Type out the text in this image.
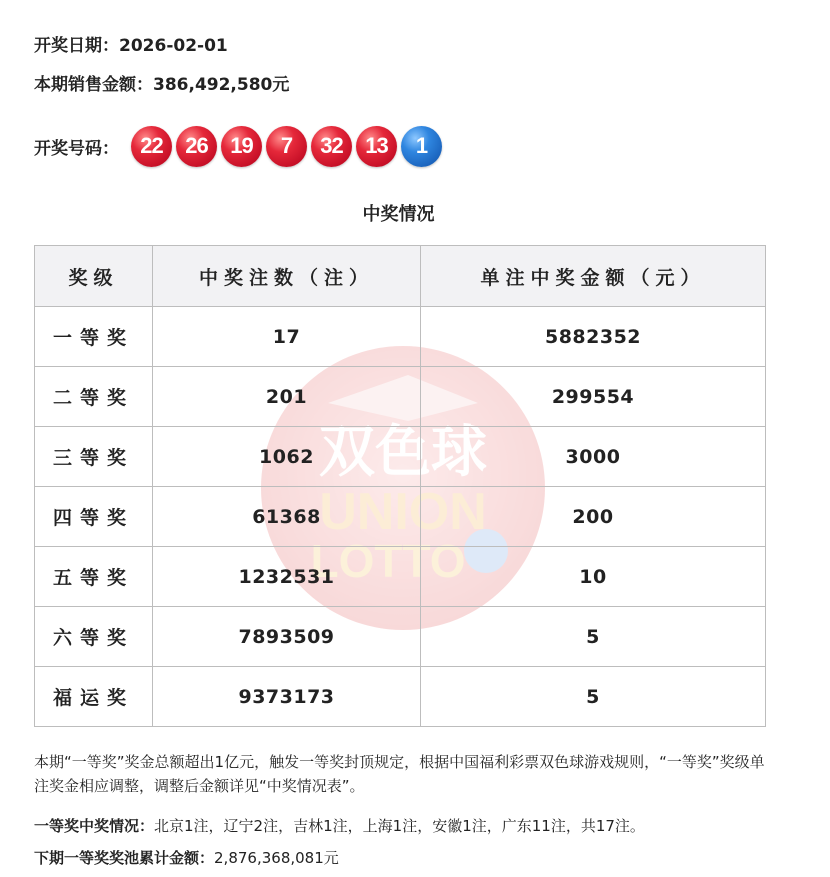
开奖日期：2026-02-01
本期销售金额：386,492,580元
开奖号码： 22	26	19	7	32	13	1
中奖情况
双色球
UNION
LOTTO
奖级	中奖注数（注）	单注中奖金额（元）
一等奖	17	5882352
二等奖	201	299554
三等奖	1062	3000
四等奖	61368	200
五等奖	1232531	10
六等奖	7893509	5
福运奖	9373173	5
本期“一等奖”奖金总额超出1亿元，触发一等奖封顶规定，根据中国福利彩票双色球游戏规则，“一等奖”奖级单注奖金相应调整，调整后金额详见“中奖情况表”。
一等奖中奖情况：北京1注，辽宁2注，吉林1注，上海1注，安徽1注，广东11注，共17注。
下期一等奖奖池累计金额：2,876,368,081元
